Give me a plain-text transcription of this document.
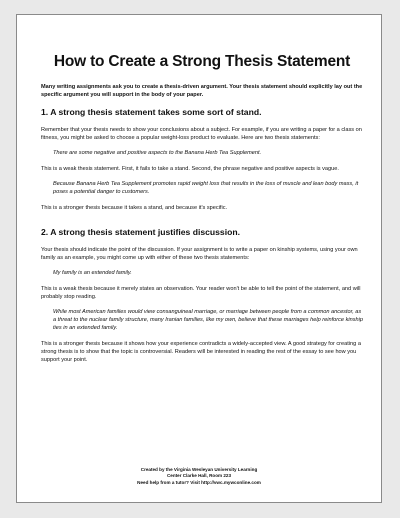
How to Create a Strong Thesis Statement

Many writing assignments ask you to create a thesis-driven argument. Your thesis statement should explicitly lay out the specific argument you will support in the body of your paper.

1. A strong thesis statement takes some sort of stand.

Remember that your thesis needs to show your conclusions about a subject. For example, if you are writing a paper for a class on fitness, you might be asked to choose a popular weight-loss product to evaluate. Here are two thesis statements:

There are some negative and positive aspects to the Banana Herb Tea Supplement.

This is a weak thesis statement. First, it fails to take a stand. Second, the phrase negative and positive aspects is vague.

Because Banana Herb Tea Supplement promotes rapid weight loss that results in the loss of muscle and lean body mass, it poses a potential danger to customers.

This is a stronger thesis because it takes a stand, and because it's specific.

2. A strong thesis statement justifies discussion.

Your thesis should indicate the point of the discussion. If your assignment is to write a paper on kinship systems, using your own family as an example, you might come up with either of these two thesis statements:

My family is an extended family.

This is a weak thesis because it merely states an observation. Your reader won't be able to tell the point of the statement, and will probably stop reading.

While most American families would view consanguineal marriage, or marriage between people from a common ancestor, as a threat to the nuclear family structure, many Iranian families, like my own, believe that these marriages help reinforce kinship ties in an extended family.

This is a stronger thesis because it shows how your experience contradicts a widely-accepted view. A good strategy for creating a strong thesis is to show that the topic is controversial. Readers will be interested in reading the rest of the essay to see how you support your point.

Created by the Virginia Wesleyan University Learning
Center Clarke Hall, Room 223
Need help from a tutor? Visit http://vwc.mywconline.com
